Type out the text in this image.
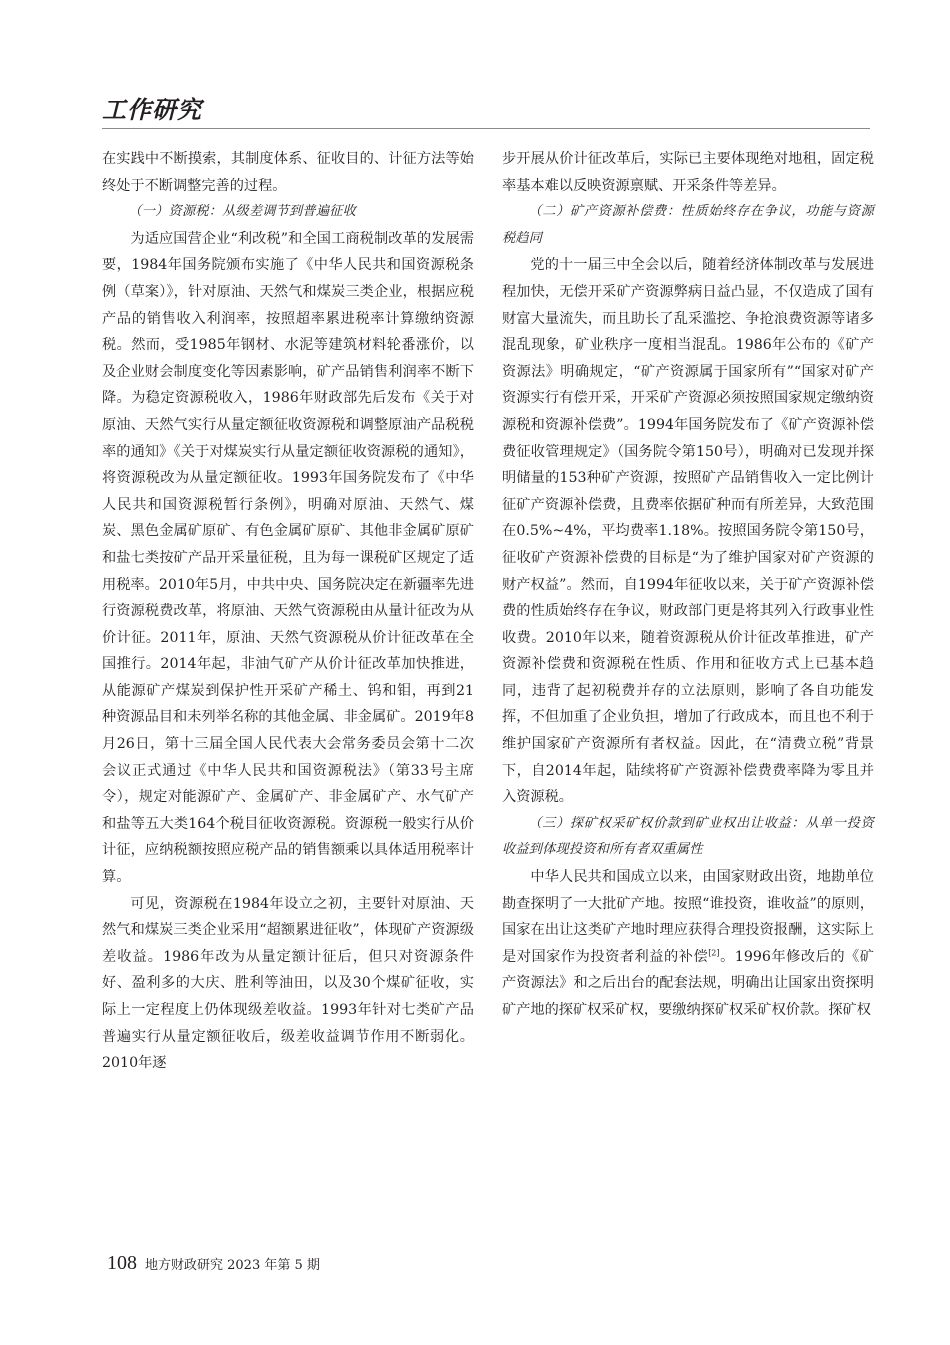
工作研究

在实践中不断摸索，其制度体系、征收目的、计征方法等始终处于不断调整完善的过程。

（一）资源税：从级差调节到普遍征收

为适应国营企业“利改税”和全国工商税制改革的发展需要，1984年国务院颁布实施了《中华人民共和国资源税条例（草案）》，针对原油、天然气和煤炭三类企业，根据应税产品的销售收入利润率，按照超率累进税率计算缴纳资源税。然而，受1985年钢材、水泥等建筑材料轮番涨价，以及企业财会制度变化等因素影响，矿产品销售利润率不断下降。为稳定资源税收入，1986年财政部先后发布《关于对原油、天然气实行从量定额征收资源税和调整原油产品税税率的通知》《关于对煤炭实行从量定额征收资源税的通知》，将资源税改为从量定额征收。1993年国务院发布了《中华人民共和国资源税暂行条例》，明确对原油、天然气、煤炭、黑色金属矿原矿、有色金属矿原矿、其他非金属矿原矿和盐七类按矿产品开采量征税，且为每一课税矿区规定了适用税率。2010年5月，中共中央、国务院决定在新疆率先进行资源税费改革，将原油、天然气资源税由从量计征改为从价计征。2011年，原油、天然气资源税从价计征改革在全国推行。2014年起，非油气矿产从价计征改革加快推进，从能源矿产煤炭到保护性开采矿产稀土、钨和钼，再到21种资源品目和未列举名称的其他金属、非金属矿。2019年8月26日，第十三届全国人民代表大会常务委员会第十二次会议正式通过《中华人民共和国资源税法》（第33号主席令），规定对能源矿产、金属矿产、非金属矿产、水气矿产和盐等五大类164个税目征收资源税。资源税一般实行从价计征，应纳税额按照应税产品的销售额乘以具体适用税率计算。

可见，资源税在1984年设立之初，主要针对原油、天然气和煤炭三类企业采用“超额累进征收”，体现矿产资源级差收益。1986年改为从量定额计征后，但只对资源条件好、盈利多的大庆、胜利等油田，以及30个煤矿征收，实际上一定程度上仍体现级差收益。1993年针对七类矿产品普遍实行从量定额征收后，级差收益调节作用不断弱化。2010年逐

步开展从价计征改革后，实际已主要体现绝对地租，固定税率基本难以反映资源禀赋、开采条件等差异。

（二）矿产资源补偿费：性质始终存在争议，功能与资源税趋同

党的十一届三中全会以后，随着经济体制改革与发展进程加快，无偿开采矿产资源弊病日益凸显，不仅造成了国有财富大量流失，而且助长了乱采滥挖、争抢浪费资源等诸多混乱现象，矿业秩序一度相当混乱。1986年公布的《矿产资源法》明确规定，“矿产资源属于国家所有”“国家对矿产资源实行有偿开采，开采矿产资源必须按照国家规定缴纳资源税和资源补偿费”。1994年国务院发布了《矿产资源补偿费征收管理规定》（国务院令第150号），明确对已发现并探明储量的153种矿产资源，按照矿产品销售收入一定比例计征矿产资源补偿费，且费率依据矿种而有所差异，大致范围在0.5%~4%，平均费率1.18%。按照国务院令第150号，征收矿产资源补偿费的目标是“为了维护国家对矿产资源的财产权益”。然而，自1994年征收以来，关于矿产资源补偿费的性质始终存在争议，财政部门更是将其列入行政事业性收费。2010年以来，随着资源税从价计征改革推进，矿产资源补偿费和资源税在性质、作用和征收方式上已基本趋同，违背了起初税费并存的立法原则，影响了各自功能发挥，不但加重了企业负担，增加了行政成本，而且也不利于维护国家矿产资源所有者权益。因此，在“清费立税”背景下，自2014年起，陆续将矿产资源补偿费费率降为零且并入资源税。

（三）探矿权采矿权价款到矿业权出让收益：从单一投资收益到体现投资和所有者双重属性

中华人民共和国成立以来，由国家财政出资，地勘单位勘查探明了一大批矿产地。按照“谁投资，谁收益”的原则，国家在出让这类矿产地时理应获得合理投资报酬，这实际上是对国家作为投资者利益的补偿[2]。1996年修改后的《矿产资源法》和之后出台的配套法规，明确出让国家出资探明矿产地的探矿权采矿权，要缴纳探矿权采矿权价款。探矿权

108 地方财政研究 2023 年第 5 期
